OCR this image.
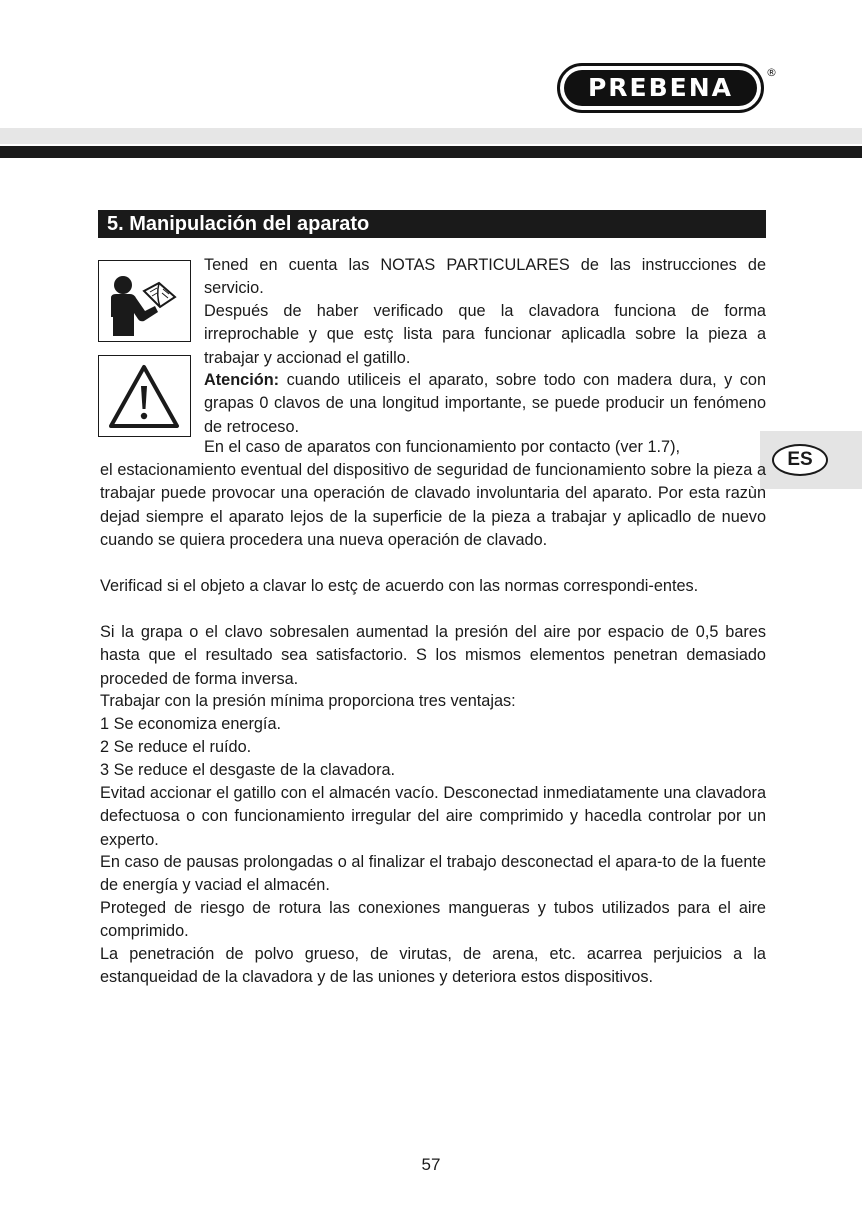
PREBENA
®
5. Manipulación del aparato
ES

Tened en cuenta las NOTAS PARTICULARES de las instrucciones de servicio.

Después de haber verificado que la clavadora funciona de forma irreprochable y que estç lista para funcionar aplicadla sobre la pieza a trabajar y accionad el gatillo.

Atención: cuando utiliceis el aparato, sobre todo con madera dura, y con grapas 0 clavos de una longitud importante, se puede producir un fenómeno de retroceso.

En el caso de aparatos con funcionamiento por contacto (ver 1.7),

el estacionamiento eventual del dispositivo de seguridad de funcionamiento sobre la pieza a trabajar puede provocar una operación de clavado involuntaria del aparato. Por esta razùn dejad siempre el aparato lejos de la superficie de la pieza a trabajar y aplicadlo de nuevo cuando se quiera procedera una nueva operación de clavado.

Verificad si el objeto a clavar lo estç de acuerdo con las normas correspondi-entes.

Si la grapa o el clavo sobresalen aumentad la presión del aire por espacio de 0,5 bares hasta que el resultado sea satisfactorio. S los mismos elementos penetran demasiado proceded de forma inversa.

Trabajar con la presión mínima proporciona tres ventajas:

1 Se economiza energía.

2 Se reduce el ruído.

3 Se reduce el desgaste de la clavadora.

Evitad accionar el gatillo con el almacén vacío. Desconectad inmediatamente una clavadora defectuosa o con funcionamiento irregular del aire comprimido y hacedla controlar por un experto.

En caso de pausas prolongadas o al finalizar el trabajo desconectad el apara-to de la fuente de energía y vaciad el almacén.

Proteged de riesgo de rotura las conexiones mangueras y tubos utilizados para el aire comprimido.

La penetración de polvo grueso, de virutas, de arena, etc. acarrea perjuicios a la estanqueidad de la clavadora y de las uniones y deteriora estos dispositivos.

57
